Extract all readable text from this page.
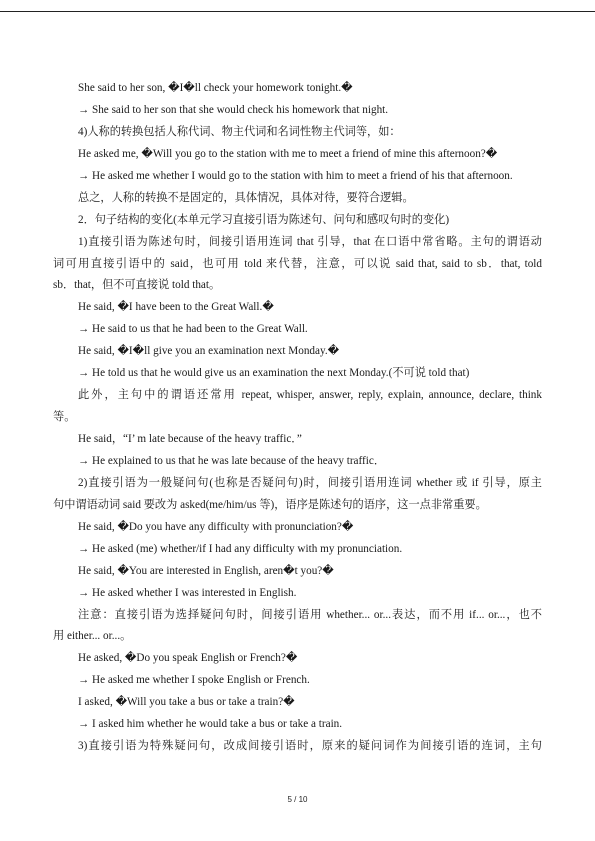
She said to her son, �I�ll check your homework tonight.�
→ She said to her son that she would check his homework that night.
4)人称的转换包括人称代词、物主代词和名词性物主代词等，如：
He asked me, �Will you go to the station with me to meet a friend of mine this afternoon?�
→ He asked me whether I would go to the station with him to meet a friend of his that afternoon.
总之，人称的转换不是固定的，具体情况，具体对待，要符合逻辑。
2．句子结构的变化(本单元学习直接引语为陈述句、问句和感叹句时的变化)
1)直接引语为陈述句时，间接引语用连词 that 引导，that 在口语中常省略。主句的谓语动
词可用直接引语中的 said，也可用 told 来代替，注意，可以说 said that, said to sb．that, told
sb．that，但不可直接说 told that。
He said, �I have been to the Great Wall.�
→ He said to us that he had been to the Great Wall.
He said, �I�ll give you an examination next Monday.�
→ He told us that he would give us an examination the next Monday.(不可说 told that)
此外，主句中的谓语还常用 repeat, whisper, answer, reply, explain, announce, declare, think
等。
He said，“I’ m late because of the heavy traffic．”
→ He explained to us that he was late because of the heavy traffic．
2)直接引语为一般疑问句(也称是否疑问句)时，间接引语用连词 whether 或 if 引导，原主
句中谓语动词 said 要改为 asked(me/him/us 等)，语序是陈述句的语序，这一点非常重要。
He said, �Do you have any difficulty with pronunciation?�
→ He asked (me) whether/if I had any difficulty with my pronunciation.
He said, �You are interested in English, aren�t you?�
→ He asked whether I was interested in English.
注意：直接引语为选择疑问句时，间接引语用 whether... or...表达，而不用 if... or...，也不
用 either... or...。
He asked, �Do you speak English or French?�
→ He asked me whether I spoke English or French.
I asked, �Will you take a bus or take a train?�
→ I asked him whether he would take a bus or take a train.
3)直接引语为特殊疑问句，改成间接引语时，原来的疑问词作为间接引语的连词，主句
5 / 10
